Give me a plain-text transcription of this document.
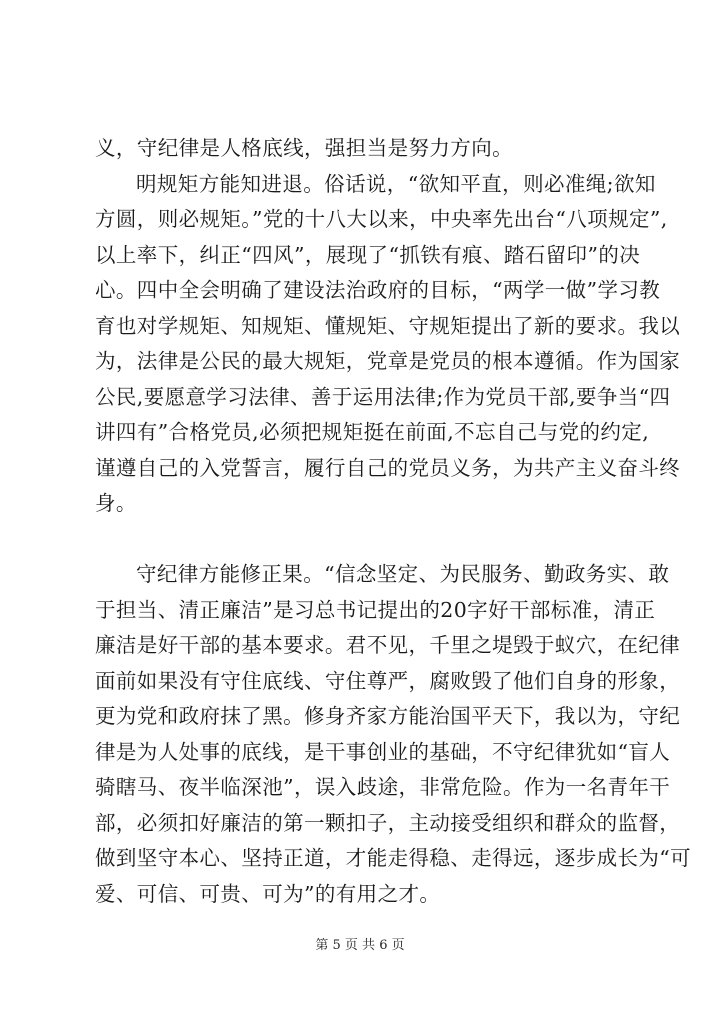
义，守纪律是人格底线，强担当是努力方向。
明规矩方能知进退。俗话说，“欲知平直，则必准绳;欲知
方圆，则必规矩。”党的十八大以来，中央率先出台“八项规定”,
以上率下，纠正“四风”，展现了“抓铁有痕、踏石留印”的决
心。四中全会明确了建设法治政府的目标，“两学一做”学习教
育也对学规矩、知规矩、懂规矩、守规矩提出了新的要求。我以
为，法律是公民的最大规矩，党章是党员的根本遵循。作为国家
公民,要愿意学习法律、善于运用法律;作为党员干部,要争当“四
讲四有”合格党员,必须把规矩挺在前面,不忘自己与党的约定,
谨遵自己的入党誓言，履行自己的党员义务，为共产主义奋斗终
身。
守纪律方能修正果。“信念坚定、为民服务、勤政务实、敢
于担当、清正廉洁”是习总书记提出的20字好干部标准，清正
廉洁是好干部的基本要求。君不见，千里之堤毁于蚁穴，在纪律
面前如果没有守住底线、守住尊严，腐败毁了他们自身的形象，
更为党和政府抹了黑。修身齐家方能治国平天下，我以为，守纪
律是为人处事的底线，是干事创业的基础，不守纪律犹如“盲人
骑瞎马、夜半临深池”，误入歧途，非常危险。作为一名青年干
部，必须扣好廉洁的第一颗扣子，主动接受组织和群众的监督，
做到坚守本心、坚持正道，才能走得稳、走得远，逐步成长为“可
爱、可信、可贵、可为”的有用之才。
第 5 页 共 6 页
